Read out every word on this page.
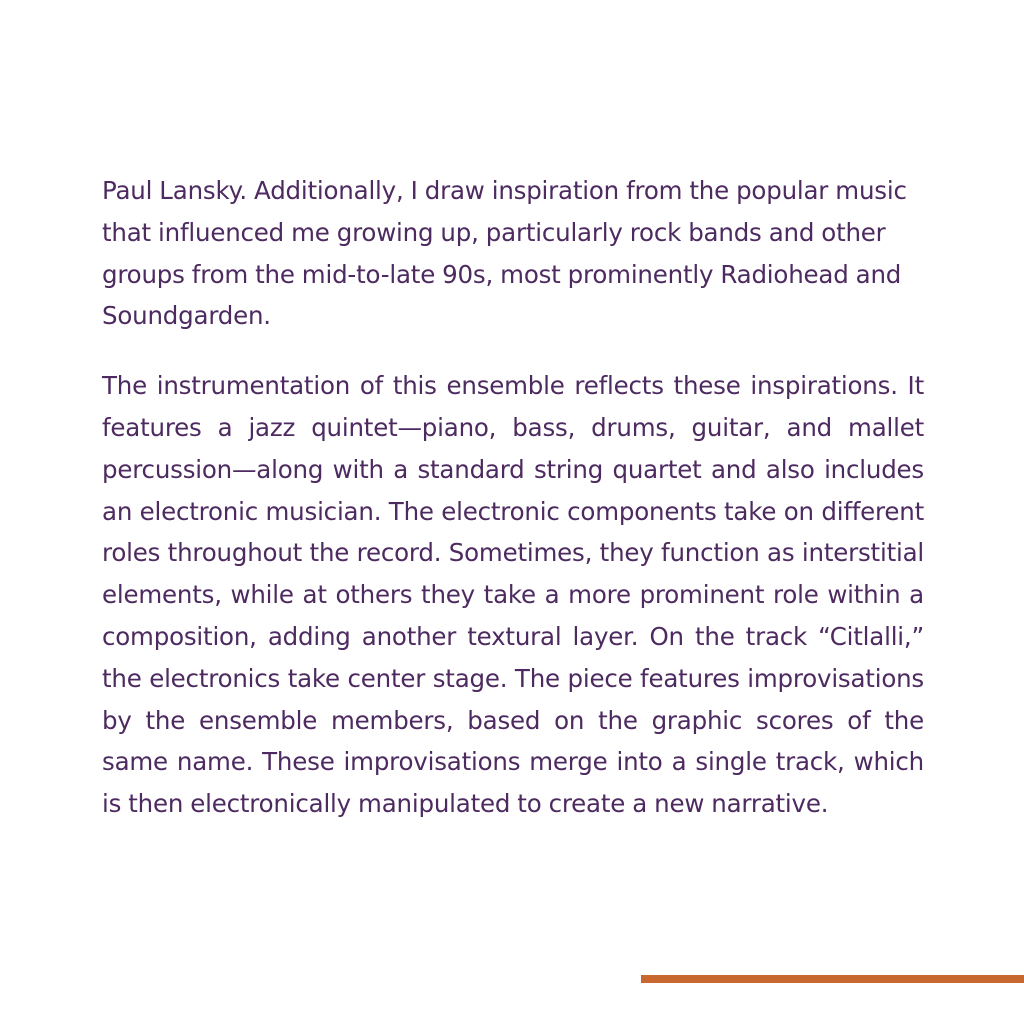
Paul Lansky. Additionally, I draw inspiration from the popular music that influenced me growing up, particularly rock bands and other groups from the mid-to-late 90s, most prominently Radiohead and Soundgarden.

The instrumentation of this ensemble reflects these inspirations. It features a jazz quintet—piano, bass, drums, guitar, and mallet percussion—along with a standard string quartet and also includes an electronic musician. The electronic components take on different roles throughout the record. Sometimes, they function as interstitial elements, while at others they take a more prominent role within a composition, adding another textural layer. On the track “Citlalli,” the electronics take center stage. The piece features improvisations by the ensemble members, based on the graphic scores of the same name. These improvisations merge into a single track, which is then electronically manipulated to create a new narrative.
